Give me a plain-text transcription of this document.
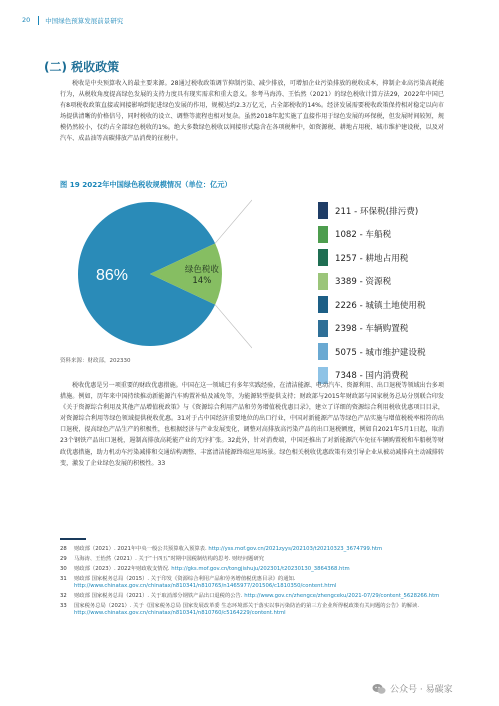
20 中国绿色预算发展前景研究
(二) 税收政策

税收是中央预算收入的最主要来源。28通过税收政策调节抑制污染、减少排放，可增加企业污染排放的税收成本，抑制企业高污染高耗能行为，从税收角度提高绿色发展的支持力度具有现实需求和重大意义。参考马海涛、王怡然（2021）的绿色税收计算方法29，2022年中国已有8项税收政策直接或间接影响到促进绿色发展的作用，规模达约2.3万亿元，占全部税收的14%。经济发展需要税收政策保持相对稳定以向市场提供清晰的价格信号，同时税收的设立、调整等流程也相对复杂。虽然2018年起实施了直接作用于绿色发展的环保税，但发展时间较短，规模仍然较小，仅约占全部绿色税收的1%。绝大多数绿色税收以间接形式隐含在各项税种中，如资源税、耕地占用税、城市维护建设税，以及对汽车、成品油等高碳排放产品消费的征税中。

图 19 2022年中国绿色税收规模情况（单位：亿元）
86%	绿色税收
14%
211 - 环保税(排污费)
1082 - 车船税
1257 - 耕地占用税
3389 - 资源税
2226 - 城镇土地使用税
2398 - 车辆购置税
5075 - 城市维护建设税
7348 - 国内消费税
资料来源：财政部，202330

税收优惠是另一项重要的财政优惠措施。中国在这一领域已有多年实践经验，在清洁能源、电动汽车、资源利用、出口退税等领域出台多项措施。例如，历年来中国持续推动新能源汽车购置补贴及减免等，为能源转型提供支持；财政部与2015年财政部与国家税务总局分别联合印发《关于资源综合利用及其他产品增值税政策》与《资源综合利用产品和劳务增值税优惠目录》，建立了详细的资源综合利用税收优惠项目目录，对资源综合利用等绿色领域提供税收优惠。31对于占中国经济重要地位的出口行业，中国对新能源产品等绿色产品实施与增值税税率相符的出口退税，提高绿色产品生产的积极性，也根据经济与产业发展变化，调整对高排放高污染产品的出口退税额度，例如自2021年5月1日起，取消23个钢铁产品出口退税，遏制高排放高耗能产业的无序扩张。32此外，针对消费端，中国还推出了对新能源汽车免征车辆购置税和车船税等财政优惠措施，助力机动车污染减排和交通结构调整、丰富清洁能源终端应用场景。绿色相关税收优惠政策有效引导企业从被动减排向主动减排转变，激发了企业绿色发展的积极性。33

28	财政部（2021）. 2021年中央一般公共预算收入预算表. http://yss.mof.gov.cn/2021zyys/202103/t20210323_3674799.htm
29	马海涛、王怡然（2021）. 关于“十四五”时期中国税制结构的思考. 财经问题研究
30	财政部（2023）. 2022年财政收支情况. http://gks.mof.gov.cn/tongjishuju/202301/t20230130_3864368.htm
31	财政部 国家税务总局（2015）. 关于印发《资源综合利用产品和劳务增值税优惠目录》的通知. http://www.chinatax.gov.cn/chinatax/n810341/n810765/n1465977/201506/c1810350/content.html
32	财政部 国家税务总局（2021）. 关于取消部分钢铁产品出口退税的公告. http://www.gov.cn/zhengce/zhengceku/2021-07/29/content_5628266.htm
33	国家税务总局（2021）. 关于《国家税务总局 国家发展改革委 生态环境部关于落实以事污染防治的第三方企业所得税政策有关问题的公告》的解读. http://www.chinatax.gov.cn/chinatax/n810341/n810760/c5164229/content.html
公众号 · 易碳家
